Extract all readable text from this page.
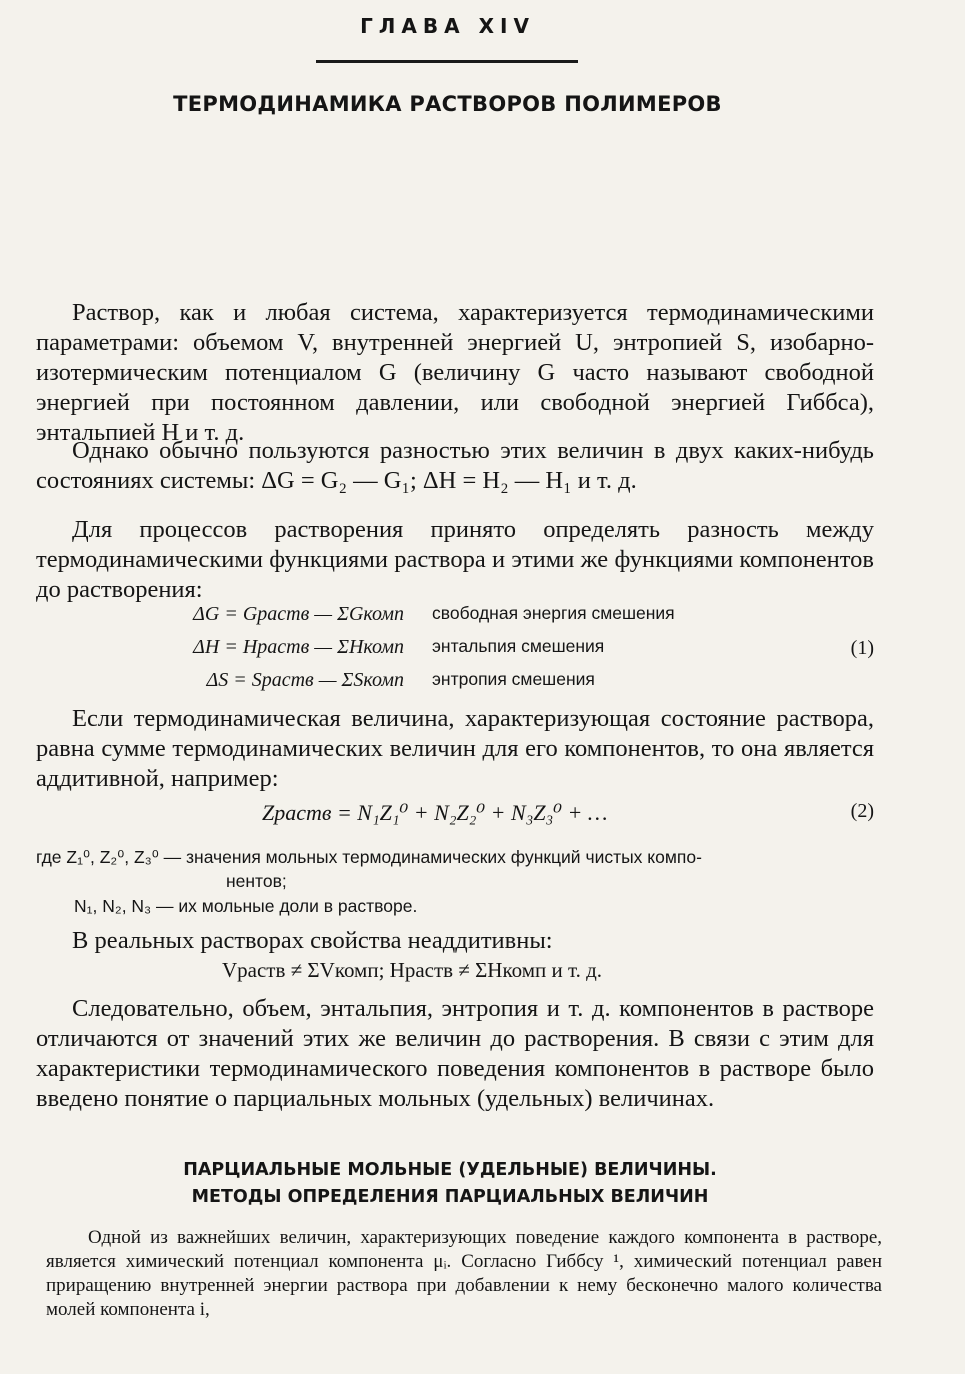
ГЛАВА XIV
ТЕРМОДИНАМИКА РАСТВОРОВ ПОЛИМЕРОВ

Раствор, как и любая система, характеризуется термодинамическими параметрами: объемом V, внутренней энергией U, энтропией S, изобарно-изотермическим потенциалом G (величину G часто называют свободной энергией при постоянном давлении, или свободной энергией Гиббса), энтальпией H и т. д.

Однако обычно пользуются разностью этих величин в двух каких-нибудь состояниях системы: ΔG = G₂ — G₁; ΔH = H₂ — H₁ и т. д.

Для процессов растворения принято определять разность между термодинамическими функциями раствора и этими же функциями компонентов до растворения:

ΔG = Gраств — ΣGкомп свободная энергия смешения
ΔH = Hраств — ΣHкомп энтальпия смешения
ΔS = Sраств — ΣSкомп энтропия смешения
(1)

Если термодинамическая величина, характеризующая состояние раствора, равна сумме термодинамических величин для его компонентов, то она является аддитивной, например:

Zраств = N₁Z₁⁰ + N₂Z₂⁰ + N₃Z₃⁰ + …	(2)
где Z₁⁰, Z₂⁰, Z₃⁰ — значения мольных термодинамических функций чистых компо-
нентов;
N₁, N₂, N₃ — их мольные доли в растворе.

В реальных растворах свойства неаддитивны:

Vраств ≠ ΣVкомп; Hраств ≠ ΣHкомп и т. д.

Следовательно, объем, энтальпия, энтропия и т. д. компонентов в растворе отличаются от значений этих же величин до растворения. В связи с этим для характеристики термодинамического поведения компонентов в растворе было введено понятие о парциальных мольных (удельных) величинах.

ПАРЦИАЛЬНЫЕ МОЛЬНЫЕ (УДЕЛЬНЫЕ) ВЕЛИЧИНЫ.
МЕТОДЫ ОПРЕДЕЛЕНИЯ ПАРЦИАЛЬНЫХ ВЕЛИЧИН

Одной из важнейших величин, характеризующих поведение каждого компонента в растворе, является химический потенциал компонента μᵢ. Согласно Гиббсу ¹, химический потенциал равен приращению внутренней энергии раствора при добавлении к нему бесконечно малого количества молей компонента i,
